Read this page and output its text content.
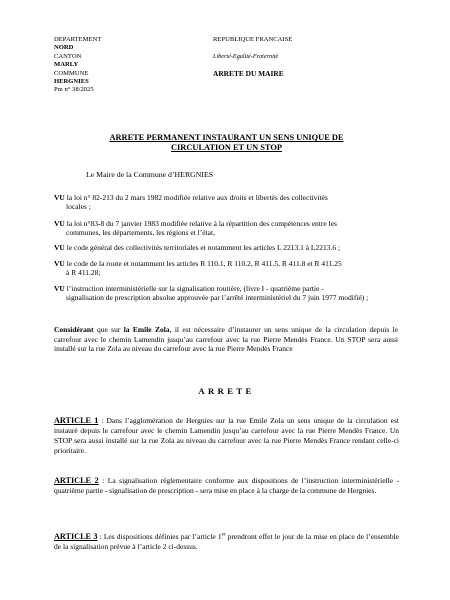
DEPARTEMENT
NORD
CANTON
MARLY
COMMUNE
HERGNIES
Pm n° 38/2025
REPUBLIQUE FRANCAISE
Liberté-Egalité-Fraternité
ARRETE DU MAIRE
ARRETE PERMANENT INSTAURANT UN SENS UNIQUE DE
CIRCULATION ET UN STOP
Le Maire de la Commune d’HERGNIES
VU la loi n° 82-213 du 2 mars 1982 modifiée relative aux droits et libertés des collectivités
locales ;
VU la loi n°83-8 du 7 janvier 1983 modifiée relative à la répartition des compétences entre les
communes, les départements, les régions et l’état,
VU le code général des collectivités territoriales et notamment les articles L 2213.1 à L2213.6 ;
VU le code de la route et notamment les articles R 110.1, R 110.2, R 411.5, R 411.8 et R 411.25
à R 411.28;
VU l’instruction interministérielle sur la signalisation routière, (livre I - quatrième partie -
signalisation de prescription absolue approuvée par l’arrêté interministériel du 7 juin 1977 modifié) ;
Considérant que sur la Emile Zola, il est nécessaire d’instaurer un sens unique de la circulation depuis le carrefour avec le chemin Lamendin jusqu’au carrefour avec la rue Pierre Mendès France. Un STOP sera aussi installé sur la rue Zola au niveau du carrefour avec la rue Pierre Mendès France
ARRETE
ARTICLE 1 : Dans l’agglomération de Hergnies sur la rue Emile Zola un sens unique de la circulation est instauré depuis le carrefour avec le chemin Lamendin jusqu’au carrefour avec la rue Pierre Mendès France. Un STOP sera aussi installé sur la rue Zola au niveau du carrefour avec la rue Pierre Mendès France rendant celle-ci prioritaire.
ARTICLE 2 : La signalisation réglementaire conforme aux dispositions de l’instruction interministérielle - quatrième partie - signalisation de prescription - sera mise en place à la charge de la commune de Hergnies.
ARTICLE 3 : Les dispositions définies par l’article 1er prendront effet le jour de la mise en place de l’ensemble de la signalisation prévue à l’article 2 ci-dessus.
